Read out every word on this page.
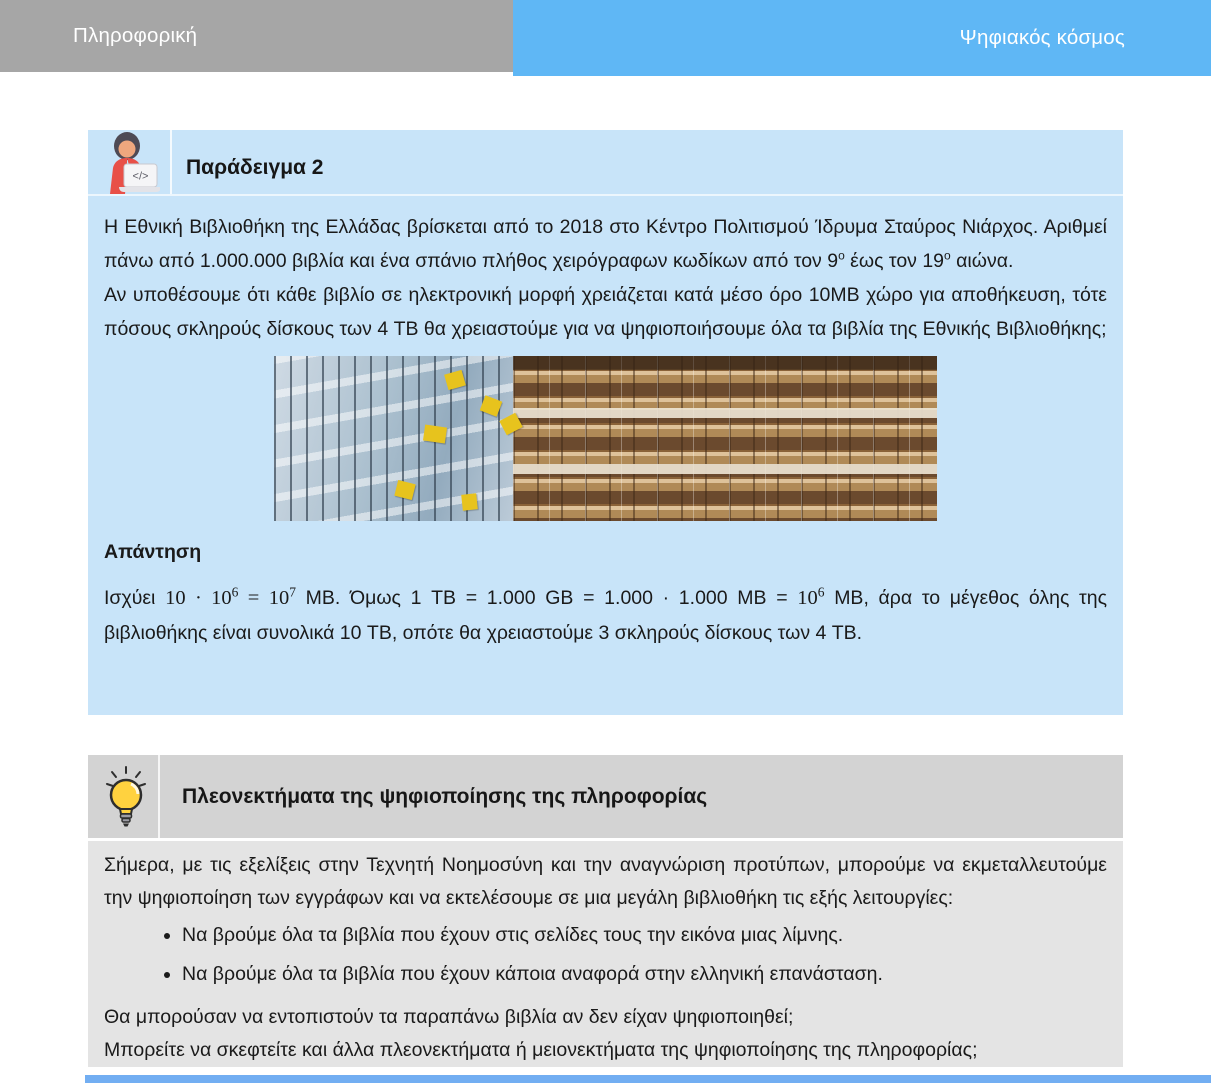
Πληροφορική	Ψηφιακός κόσμος
</> Παράδειγμα 2

Η Εθνική Βιβλιοθήκη της Ελλάδας βρίσκεται από το 2018 στο Κέντρο Πολιτισμού Ίδρυμα Σταύρος Νιάρχος. Αριθμεί πάνω από 1.000.000 βιβλία και ένα σπάνιο πλήθος χειρόγραφων κωδίκων από τον $9^o$ έως τον $19^o$ αιώνα.

Αν υποθέσουμε ότι κάθε βιβλίο σε ηλεκτρονική μορφή χρειάζεται κατά μέσο όρο 10MB χώρο για αποθήκευση, τότε πόσους σκληρούς δίσκους των 4 TB θα χρειαστούμε για να ψηφιοποιήσουμε όλα τα βιβλία της Εθνικής Βιβλιοθήκης;

Απάντηση

Ισχύει $10 \cdot 10^6 = 10^7$ MB. Όμως 1 TB = 1.000 GB = 1.000 · 1.000 MB = $10^6$ MB, άρα το μέγεθος όλης της βιβλιοθήκης είναι συνολικά 10 TB, οπότε θα χρειαστούμε 3 σκληρούς δίσκους των 4 TB.

Πλεονεκτήματα της ψηφιοποίησης της πληροφορίας

Σήμερα, με τις εξελίξεις στην Τεχνητή Νοημοσύνη και την αναγνώριση προτύπων, μπορούμε να εκμεταλλευτούμε την ψηφιοποίηση των εγγράφων και να εκτελέσουμε σε μια μεγάλη βιβλιοθήκη τις εξής λειτουργίες:

• Να βρούμε όλα τα βιβλία που έχουν στις σελίδες τους την εικόνα μιας λίμνης.
• Να βρούμε όλα τα βιβλία που έχουν κάποια αναφορά στην ελληνική επανάσταση.

Θα μπορούσαν να εντοπιστούν τα παραπάνω βιβλία αν δεν είχαν ψηφιοποιηθεί;

Μπορείτε να σκεφτείτε και άλλα πλεονεκτήματα ή μειονεκτήματα της ψηφιοποίησης της πληροφορίας;
